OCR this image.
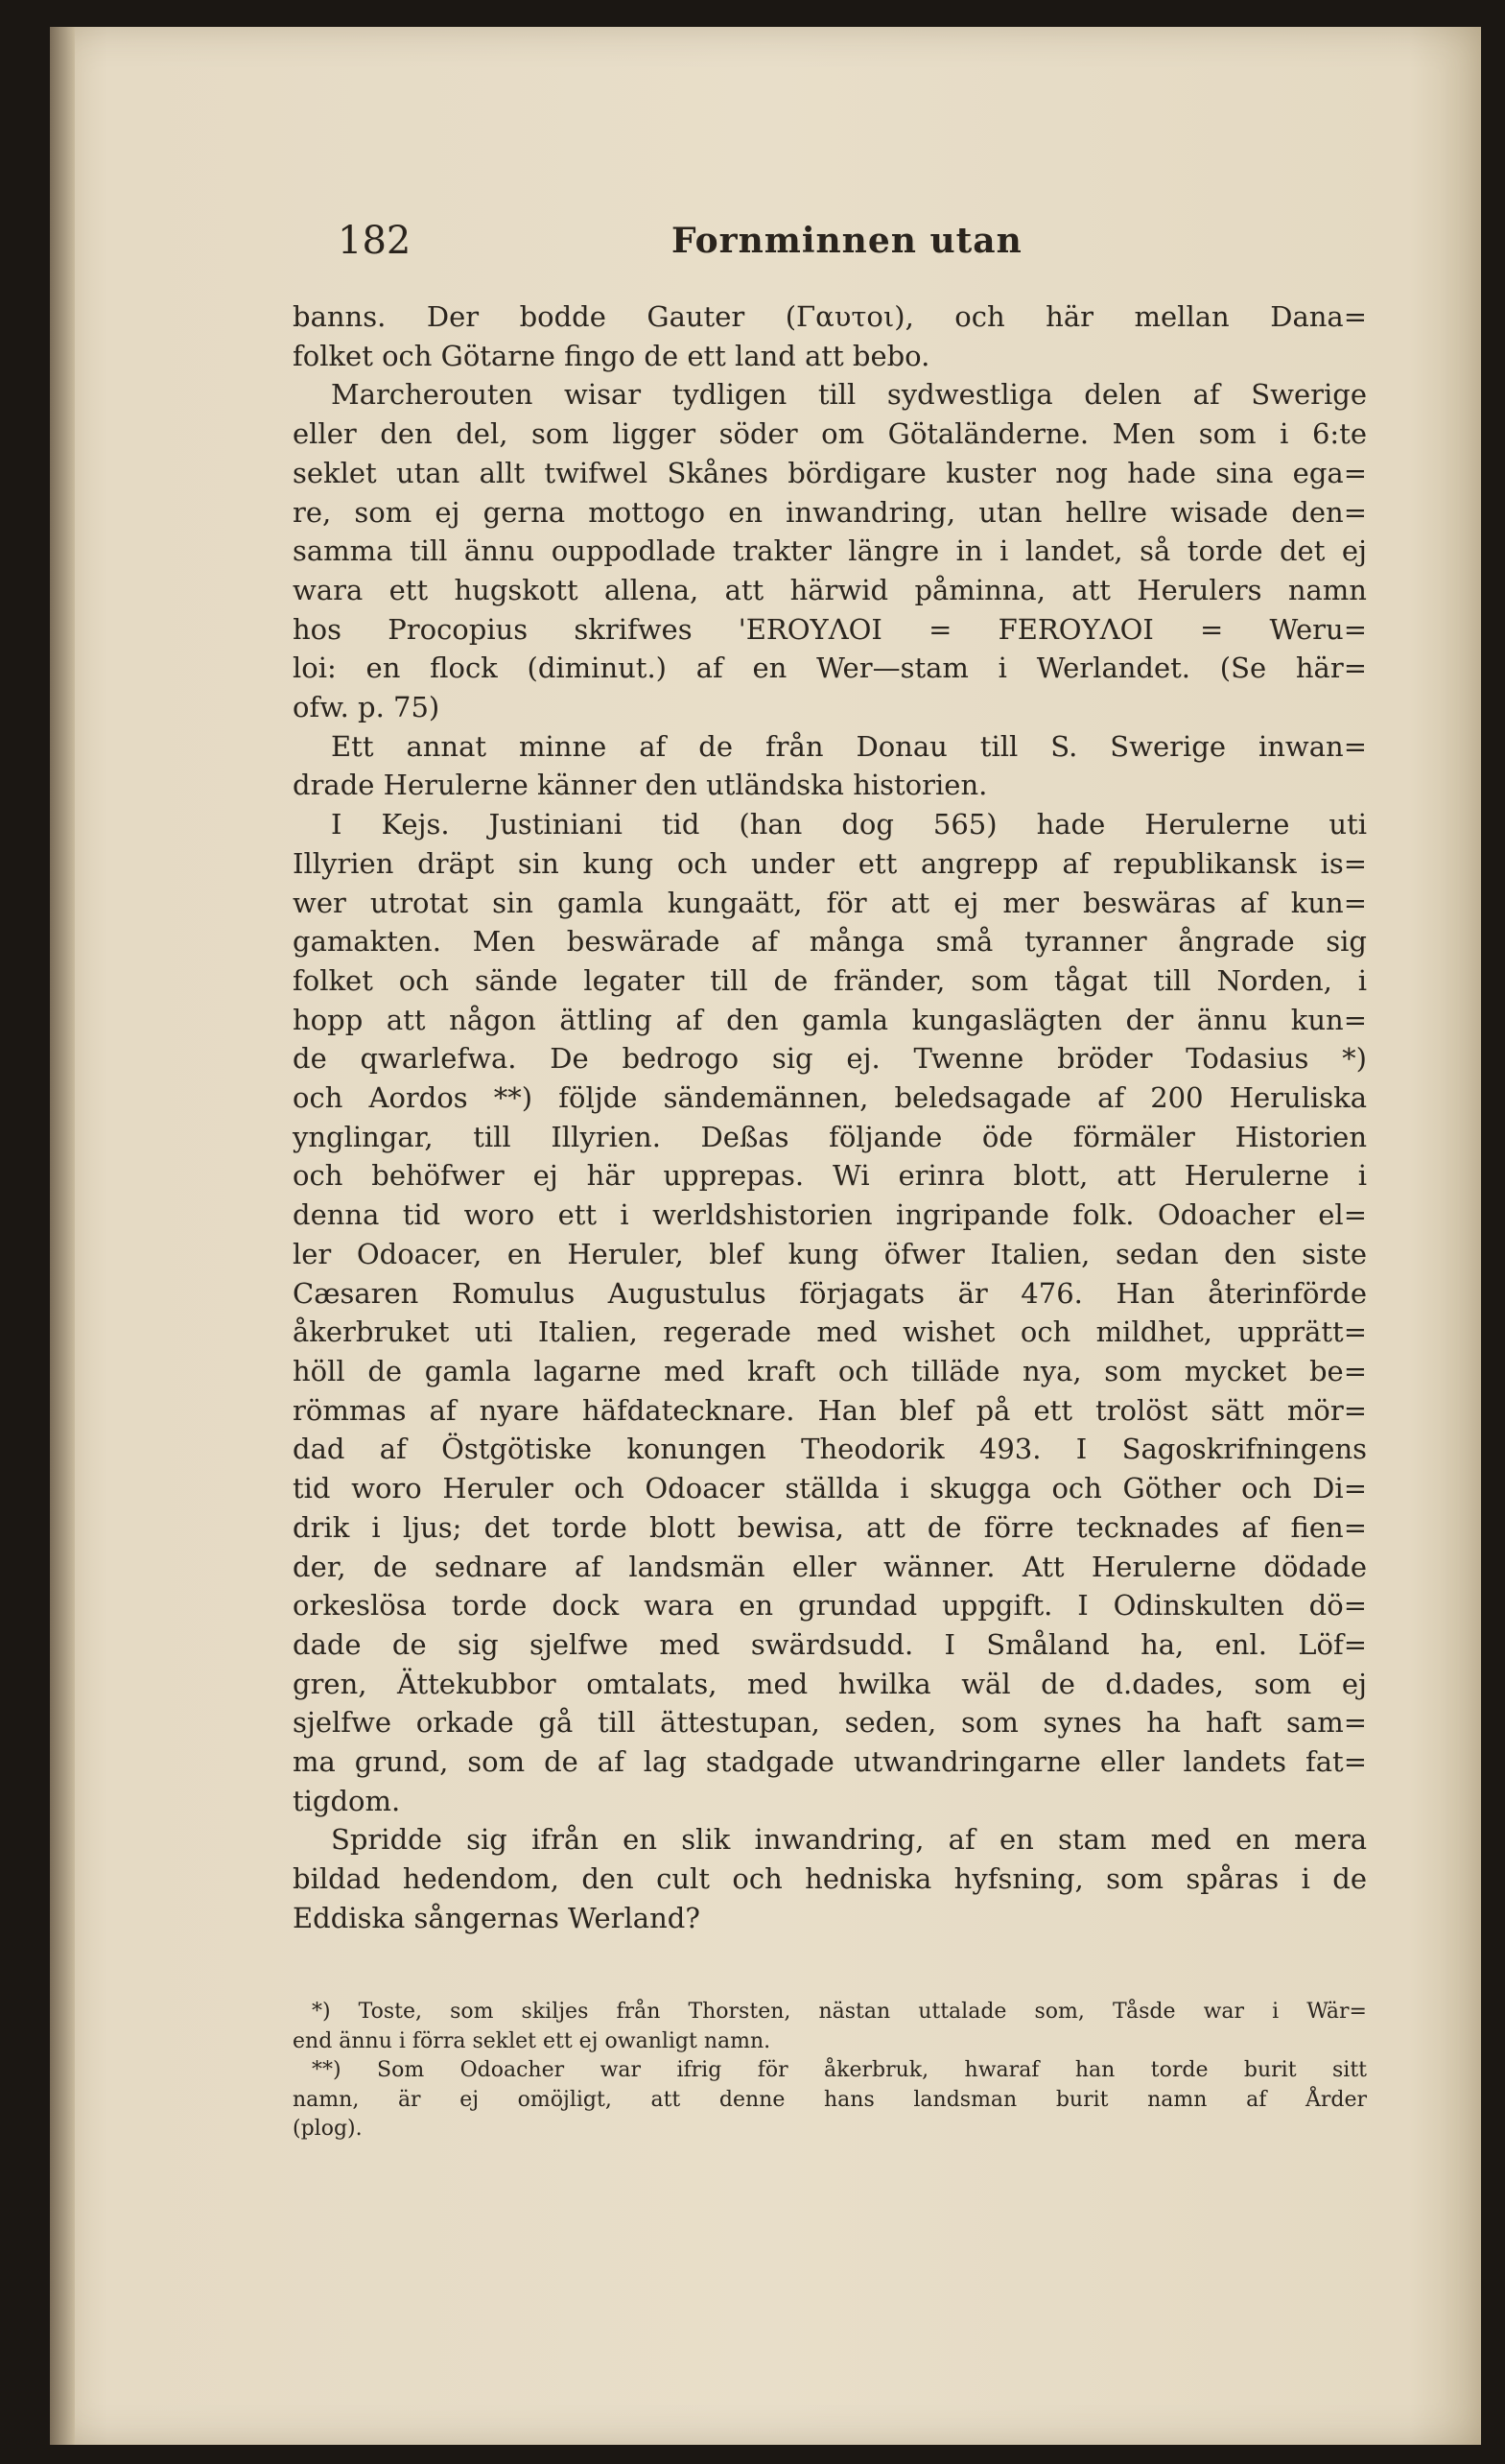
182	Fornminnen utan
banns. Der bodde Gauter (Γαυτοι), och här mellan Dana=
folket och Götarne fingo de ett land att bebo.
Marcherouten wisar tydligen till sydwestliga delen af Swerige
eller den del, som ligger söder om Götaländerne. Men som i 6:te
seklet utan allt twifwel Skånes bördigare kuster nog hade sina ega=
re, som ej gerna mottogo en inwandring, utan hellre wisade den=
samma till ännu ouppodlade trakter längre in i landet, så torde det ej
wara ett hugskott allena, att härwid påminna, att Herulers namn
hos Procopius skrifwes 'EROYΛOI = FEROYΛOI = Weru=
loi: en flock (diminut.) af en Wer—stam i Werlandet. (Se här=
ofw. p. 75)
Ett annat minne af de från Donau till S. Swerige inwan=
drade Herulerne känner den utländska historien.
I Kejs. Justiniani tid (han dog 565) hade Herulerne uti
Illyrien dräpt sin kung och under ett angrepp af republikansk is=
wer utrotat sin gamla kungaätt, för att ej mer beswäras af kun=
gamakten. Men beswärade af många små tyranner ångrade sig
folket och sände legater till de fränder, som tågat till Norden, i
hopp att någon ättling af den gamla kungaslägten der ännu kun=
de qwarlefwa. De bedrogo sig ej. Twenne bröder Todasius *)
och Aordos **) följde sändemännen, beledsagade af 200 Heruliska
ynglingar, till Illyrien. Deßas följande öde förmäler Historien
och behöfwer ej här upprepas. Wi erinra blott, att Herulerne i
denna tid woro ett i werldshistorien ingripande folk. Odoacher el=
ler Odoacer, en Heruler, blef kung öfwer Italien, sedan den siste
Cæsaren Romulus Augustulus förjagats är 476. Han återinförde
åkerbruket uti Italien, regerade med wishet och mildhet, upprätt=
höll de gamla lagarne med kraft och tilläde nya, som mycket be=
römmas af nyare häfdatecknare. Han blef på ett trolöst sätt mör=
dad af Östgötiske konungen Theodorik 493. I Sagoskrifningens
tid woro Heruler och Odoacer ställda i skugga och Göther och Di=
drik i ljus; det torde blott bewisa, att de förre tecknades af fien=
der, de sednare af landsmän eller wänner. Att Herulerne dödade
orkeslösa torde dock wara en grundad uppgift. I Odinskulten dö=
dade de sig sjelfwe med swärdsudd. I Småland ha, enl. Löf=
gren, Ättekubbor omtalats, med hwilka wäl de d.dades, som ej
sjelfwe orkade gå till ättestupan, seden, som synes ha haft sam=
ma grund, som de af lag stadgade utwandringarne eller landets fat=
tigdom.
Spridde sig ifrån en slik inwandring, af en stam med en mera
bildad hedendom, den cult och hedniska hyfsning, som spåras i de
Eddiska sångernas Werland?
*) Toste, som skiljes från Thorsten, nästan uttalade som, Tåsde war i Wär=
end ännu i förra seklet ett ej owanligt namn.
**) Som Odoacher war ifrig för åkerbruk, hwaraf han torde burit sitt
namn, är ej omöjligt, att denne hans landsman burit namn af Årder
(plog).
